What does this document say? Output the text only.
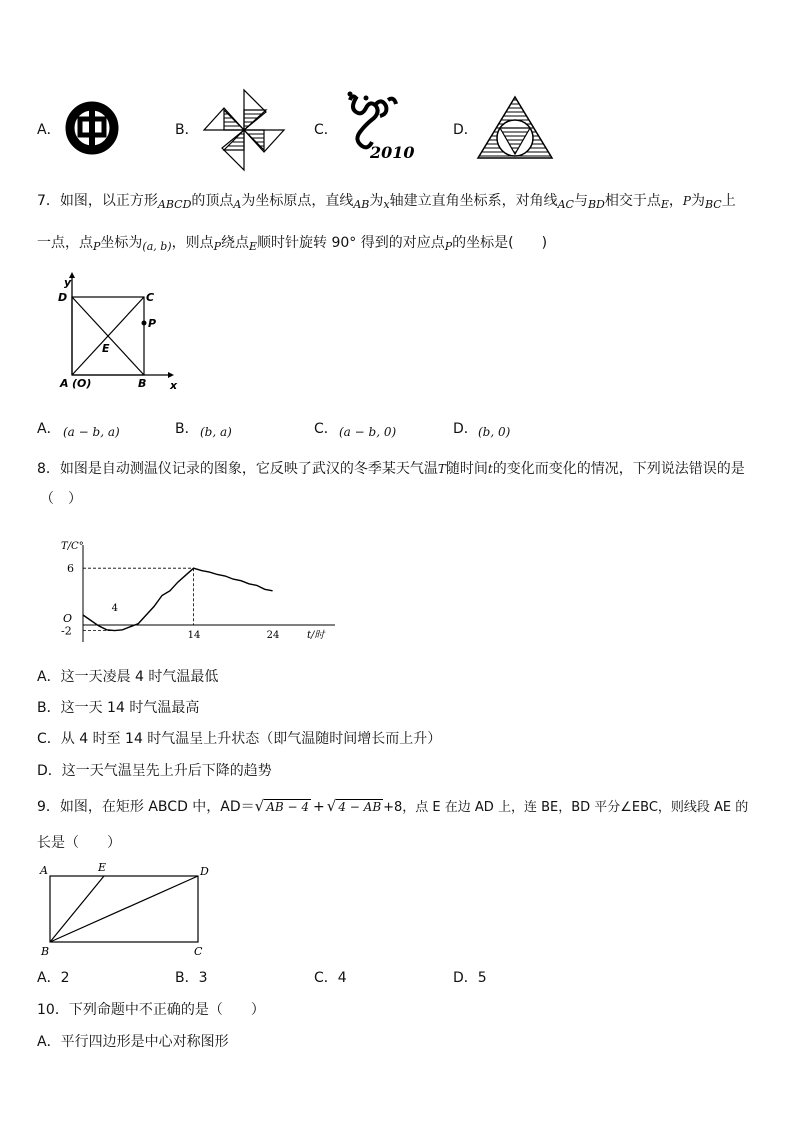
A．	B．	C．
2010
D．
7．如图，以正方形$_{ABCD}$的顶点$_A$为坐标原点，直线$_{AB}$为$_x$轴建立直角坐标系，对角线$_{AC}$与$_{BD}$相交于点$_E$，P为$_{BC}$上
一点，点$_P$坐标为$_{(a, b)}$，则点$_P$绕点$_E$顺时针旋转 90° 得到的对应点$_P$的坐标是(　　)
y
x
D	C
P
E
A (O)	B
A． (a − b, a)	B． (b, a)	C． (a − b, 0)	D． (b, 0)
8．如图是自动测温仪记录的图象，它反映了武汉的冬季某天气温T随时间t的变化而变化的情况，下列说法错误的是
（　）
T/C°
t/时
O
6
-2
4
14	24
A．这一天凌晨 4 时气温最低
B．这一天 14 时气温最高
C．从 4 时至 14 时气温呈上升状态（即气温随时间增长而上升）
D．这一天气温呈先上升后下降的趋势
9．如图，在矩形 ABCD 中，AD＝√ AB − 4 + √ 4 − AB +8，点 E 在边 AD 上，连 BE，BD 平分∠EBC，则线段 AE 的
长是（　　）
A	E	D
B	C
A．2	B．3	C．4	D．5
10．下列命题中不正确的是（　　）
A．平行四边形是中心对称图形
